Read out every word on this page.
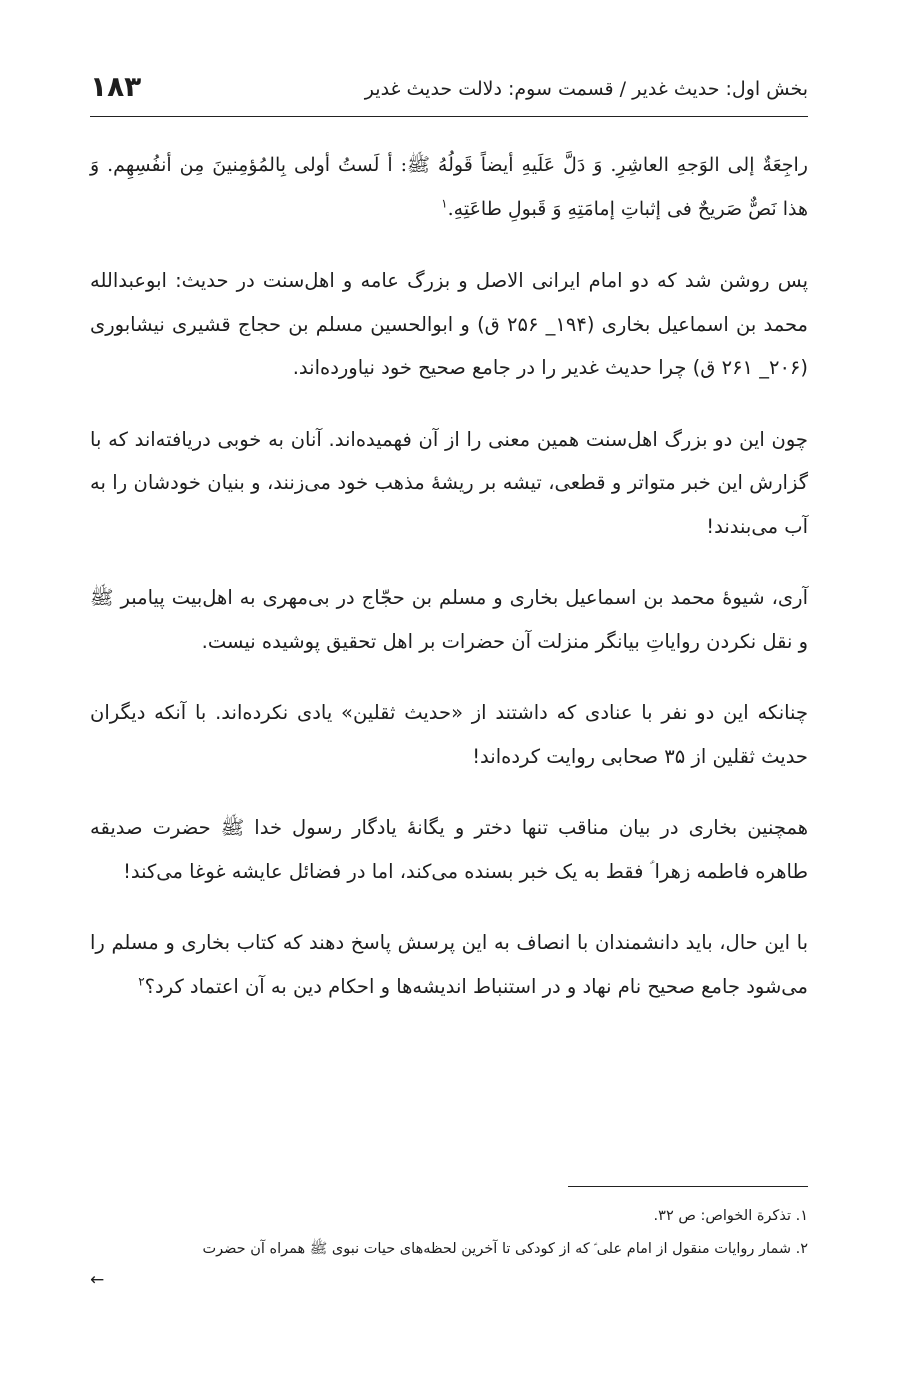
بخش اول: حدیث غدیر / قسمت سوم: دلالت حدیث غدیر
۱۸۳

راجِعَةٌ إلی الوَجهِ العاشِرِ. وَ دَلَّ عَلَیهِ أیضاً قَولُهُ ﷺ: أ لَستُ أولی بِالمُؤمِنینَ مِن أنفُسِهِم. وَ هذا نَصٌّ صَریحٌ فی إثباتِ إمامَتِهِ وَ قَبولِ طاعَتِهِ.$^۱$

پس روشن شد که دو امام ایرانی الاصل و بزرگ عامه و اهل‌سنت در حدیث: ابوعبدالله محمد بن اسماعیل بخاری (۱۹۴_ ۲۵۶ ق) و ابوالحسین مسلم بن حجاج قشیری نیشابوری (۲۰۶_ ۲۶۱ ق) چرا حدیث غدیر را در جامع صحیح خود نیاورده‌اند.

چون این دو بزرگ اهل‌سنت همین معنی را از آن فهمیده‌اند. آنان به خوبی دریافته‌اند که با گزارش این خبر متواتر و قطعی، تیشه بر ریشهٔ مذهب خود می‌زنند، و بنیان خودشان را به آب می‌بندند!

آری، شیوهٔ محمد بن اسماعیل بخاری و مسلم بن حجّاج در بی‌مهری به اهل‌بیت پیامبر ﷺ و نقل نکردن روایاتِ بیانگر منزلت آن حضرات بر اهل تحقیق پوشیده نیست.

چنانکه این دو نفر با عنادی که داشتند از «حدیث ثقلین» یادی نکرده‌اند. با آنکه دیگران حدیث ثقلین از ۳۵ صحابی روایت کرده‌اند!

همچنین بخاری در بیان مناقب تنها دختر و یگانهٔ یادگار رسول خدا ﷺ حضرت صدیقه طاهره فاطمه زهرا ؑ فقط به یک خبر بسنده می‌کند، اما در فضائل عایشه غوغا می‌کند!

با این حال، باید دانشمندان با انصاف به این پرسش پاسخ دهند که کتاب بخاری و مسلم را می‌شود جامع صحیح نام نهاد و در استنباط اندیشه‌ها و احکام دین به آن اعتماد کرد؟$^۲$

۱. تذکرة الخواص: ص ۳۲.

۲. شمار روایات منقول از امام علی ؑ که از کودکی تا آخرین لحظه‌های حیات نبوی ﷺ همراه آن حضرت

←
